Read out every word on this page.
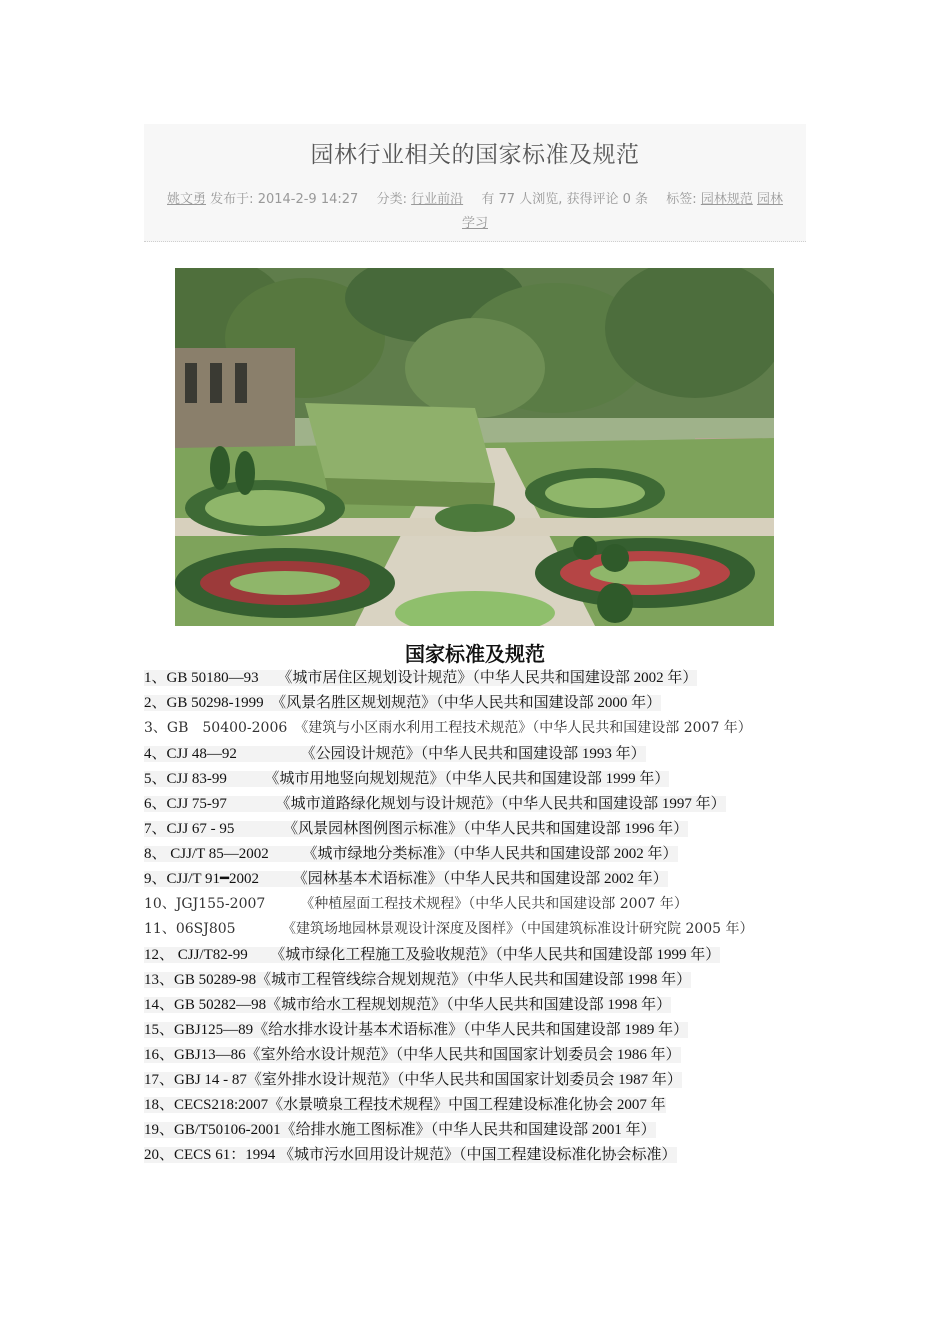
园林行业相关的国家标准及规范
姚文勇 发布于: 2014-2-9 14:27 分类: 行业前沿 有 77 人浏览, 获得评论 0 条 标签: 园林规范 园林
学习
国家标准及规范
1、GB 50180—93　 《城市居住区规划设计规范》（中华人民共和国建设部 2002 年）
2、GB 50298-1999　《风景名胜区规划规范》（中华人民共和国建设部 2000 年）
3、GB　50400-2006　《建筑与小区雨水利用工程技术规范》（中华人民共和国建设部 2007 年）
4、CJJ 48—92　　　　 《公园设计规范》（中华人民共和国建设部 1993 年）
5、CJJ 83-99　　　《城市用地竖向规划规范》（中华人民共和国建设部 1999 年）
6、CJJ 75-97　　　 《城市道路绿化规划与设计规范》（中华人民共和国建设部 1997 年）
7、CJJ 67 - 95　　　 《风景园林图例图示标准》（中华人民共和国建设部 1996 年）
8、 CJJ/T 85—2002　　 《城市绿地分类标准》（中华人民共和国建设部 2002 年）
9、CJJ/T 91━2002　　 《园林基本术语标准》（中华人民共和国建设部 2002 年）
10、JGJ155-2007　　　《种植屋面工程技术规程》（中华人民共和国建设部 2007 年）
11、06SJ805　　　 《建筑场地园林景观设计深度及图样》（中国建筑标准设计研究院 2005 年）
12、 CJJ/T82-99　　《城市绿化工程施工及验收规范》（中华人民共和国建设部 1999 年）
13、GB 50289-98《城市工程管线综合规划规范》（中华人民共和国建设部 1998 年）
14、GB 50282—98《城市给水工程规划规范》（中华人民共和国建设部 1998 年）
15、GBJ125—89《给水排水设计基本术语标准》（中华人民共和国建设部 1989 年）
16、GBJ13—86《室外给水设计规范》（中华人民共和国国家计划委员会 1986 年）
17、GBJ 14 - 87《室外排水设计规范》（中华人民共和国国家计划委员会 1987 年）
18、CECS218:2007《水景喷泉工程技术规程》中国工程建设标准化协会 2007 年
19、GB/T50106-2001《给排水施工图标准》（中华人民共和国建设部 2001 年）
20、CECS 61：1994 《城市污水回用设计规范》（中国工程建设标准化协会标准）
